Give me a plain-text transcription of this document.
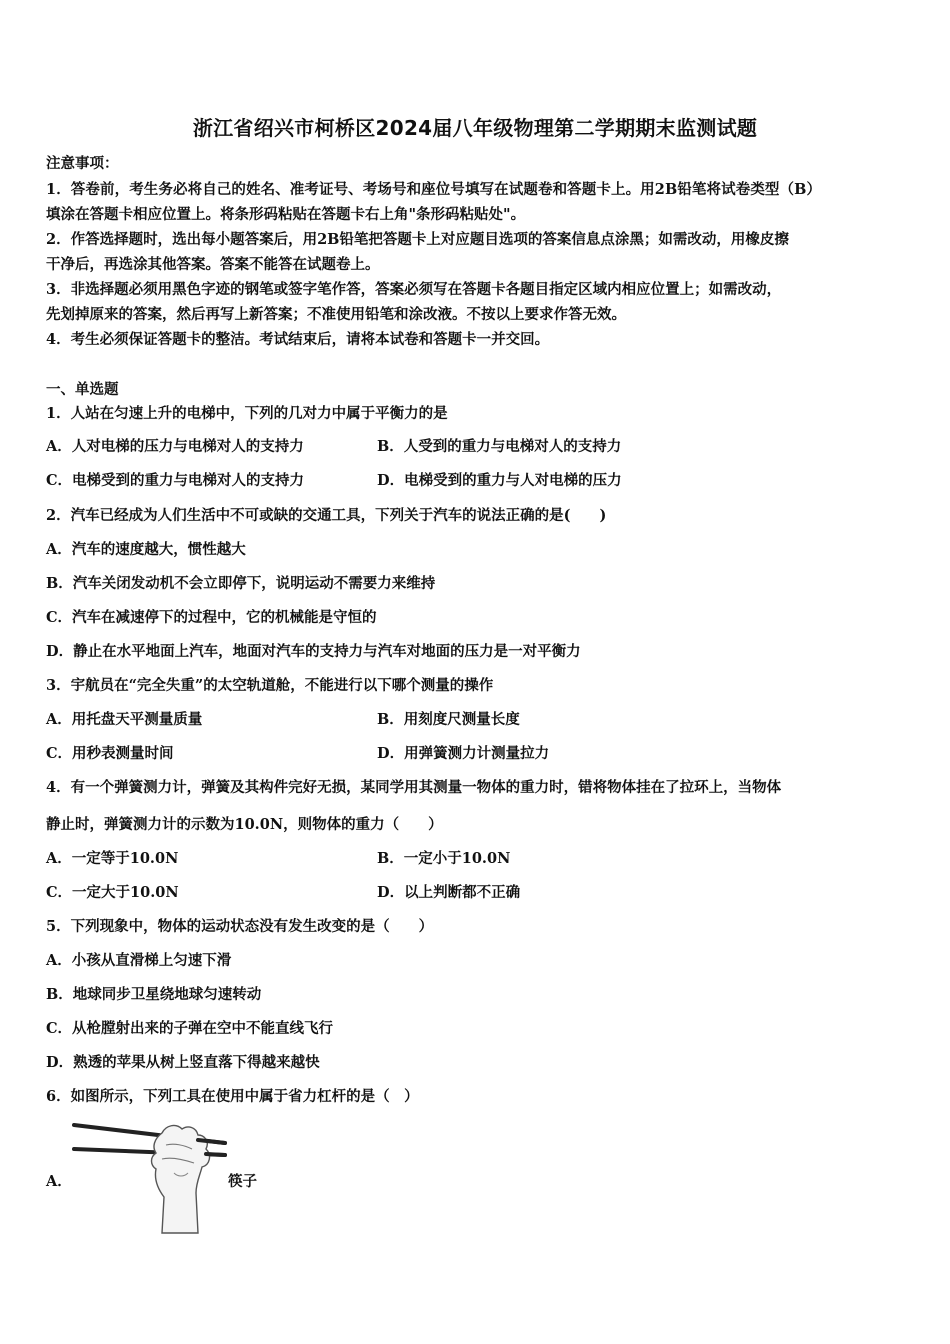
浙江省绍兴市柯桥区2024届八年级物理第二学期期末监测试题
注意事项：
1．答卷前，考生务必将自己的姓名、准考证号、考场号和座位号填写在试题卷和答题卡上。用2B铅笔将试卷类型（B）
填涂在答题卡相应位置上。将条形码粘贴在答题卡右上角"条形码粘贴处"。
2．作答选择题时，选出每小题答案后，用2B铅笔把答题卡上对应题目选项的答案信息点涂黑；如需改动，用橡皮擦
干净后，再选涂其他答案。答案不能答在试题卷上。
3．非选择题必须用黑色字迹的钢笔或签字笔作答，答案必须写在答题卡各题目指定区域内相应位置上；如需改动，
先划掉原来的答案，然后再写上新答案；不准使用铅笔和涂改液。不按以上要求作答无效。
4．考生必须保证答题卡的整洁。考试结束后，请将本试卷和答题卡一并交回。
一、单选题
1．人站在匀速上升的电梯中，下列的几对力中属于平衡力的是
A．人对电梯的压力与电梯对人的支持力	B．人受到的重力与电梯对人的支持力
C．电梯受到的重力与电梯对人的支持力	D．电梯受到的重力与人对电梯的压力
2．汽车已经成为人们生活中不可或缺的交通工具，下列关于汽车的说法正确的是(　　)
A．汽车的速度越大，惯性越大
B．汽车关闭发动机不会立即停下，说明运动不需要力来维持
C．汽车在减速停下的过程中，它的机械能是守恒的
D．静止在水平地面上汽车，地面对汽车的支持力与汽车对地面的压力是一对平衡力
3．宇航员在“完全失重”的太空轨道舱，不能进行以下哪个测量的操作
A．用托盘天平测量质量	B．用刻度尺测量长度
C．用秒表测量时间	D．用弹簧测力计测量拉力
4．有一个弹簧测力计，弹簧及其构件完好无损，某同学用其测量一物体的重力时，错将物体挂在了拉环上，当物体
静止时，弹簧测力计的示数为10.0N，则物体的重力（　　）
A．一定等于10.0N	B．一定小于10.0N
C．一定大于10.0N	D．以上判断都不正确
5．下列现象中，物体的运动状态没有发生改变的是（　　）
A．小孩从直滑梯上匀速下滑
B．地球同步卫星绕地球匀速转动
C．从枪膛射出来的子弹在空中不能直线飞行
D．熟透的苹果从树上竖直落下得越来越快
6．如图所示，下列工具在使用中属于省力杠杆的是（　）
A．	筷子
